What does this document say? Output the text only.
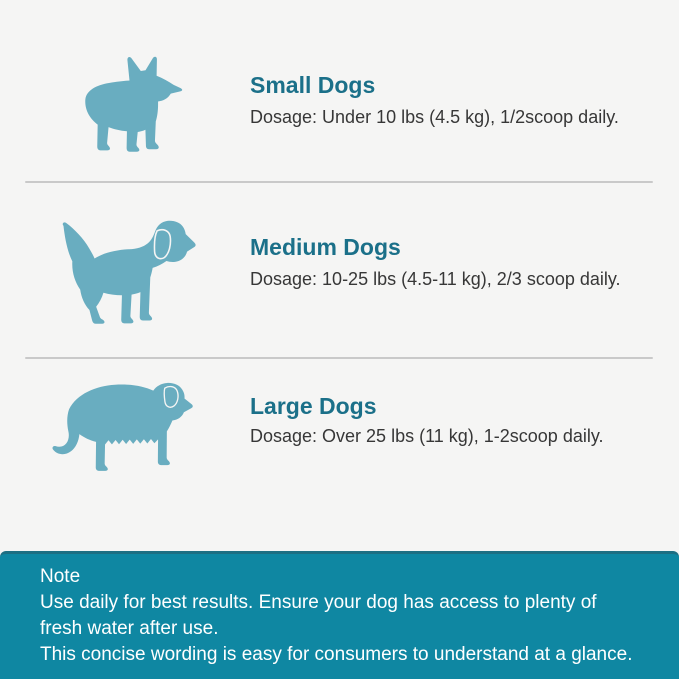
Small Dogs

Dosage: Under 10 lbs (4.5 kg), 1/2scoop daily.

Medium Dogs

Dosage: 10-25 lbs (4.5-11 kg), 2/3 scoop daily.

Large Dogs

Dosage: Over 25 lbs (11 kg), 1-2scoop daily.

Note
Use daily for best results. Ensure your dog has access to plenty of
fresh water after use.
This concise wording is easy for consumers to understand at a glance.
